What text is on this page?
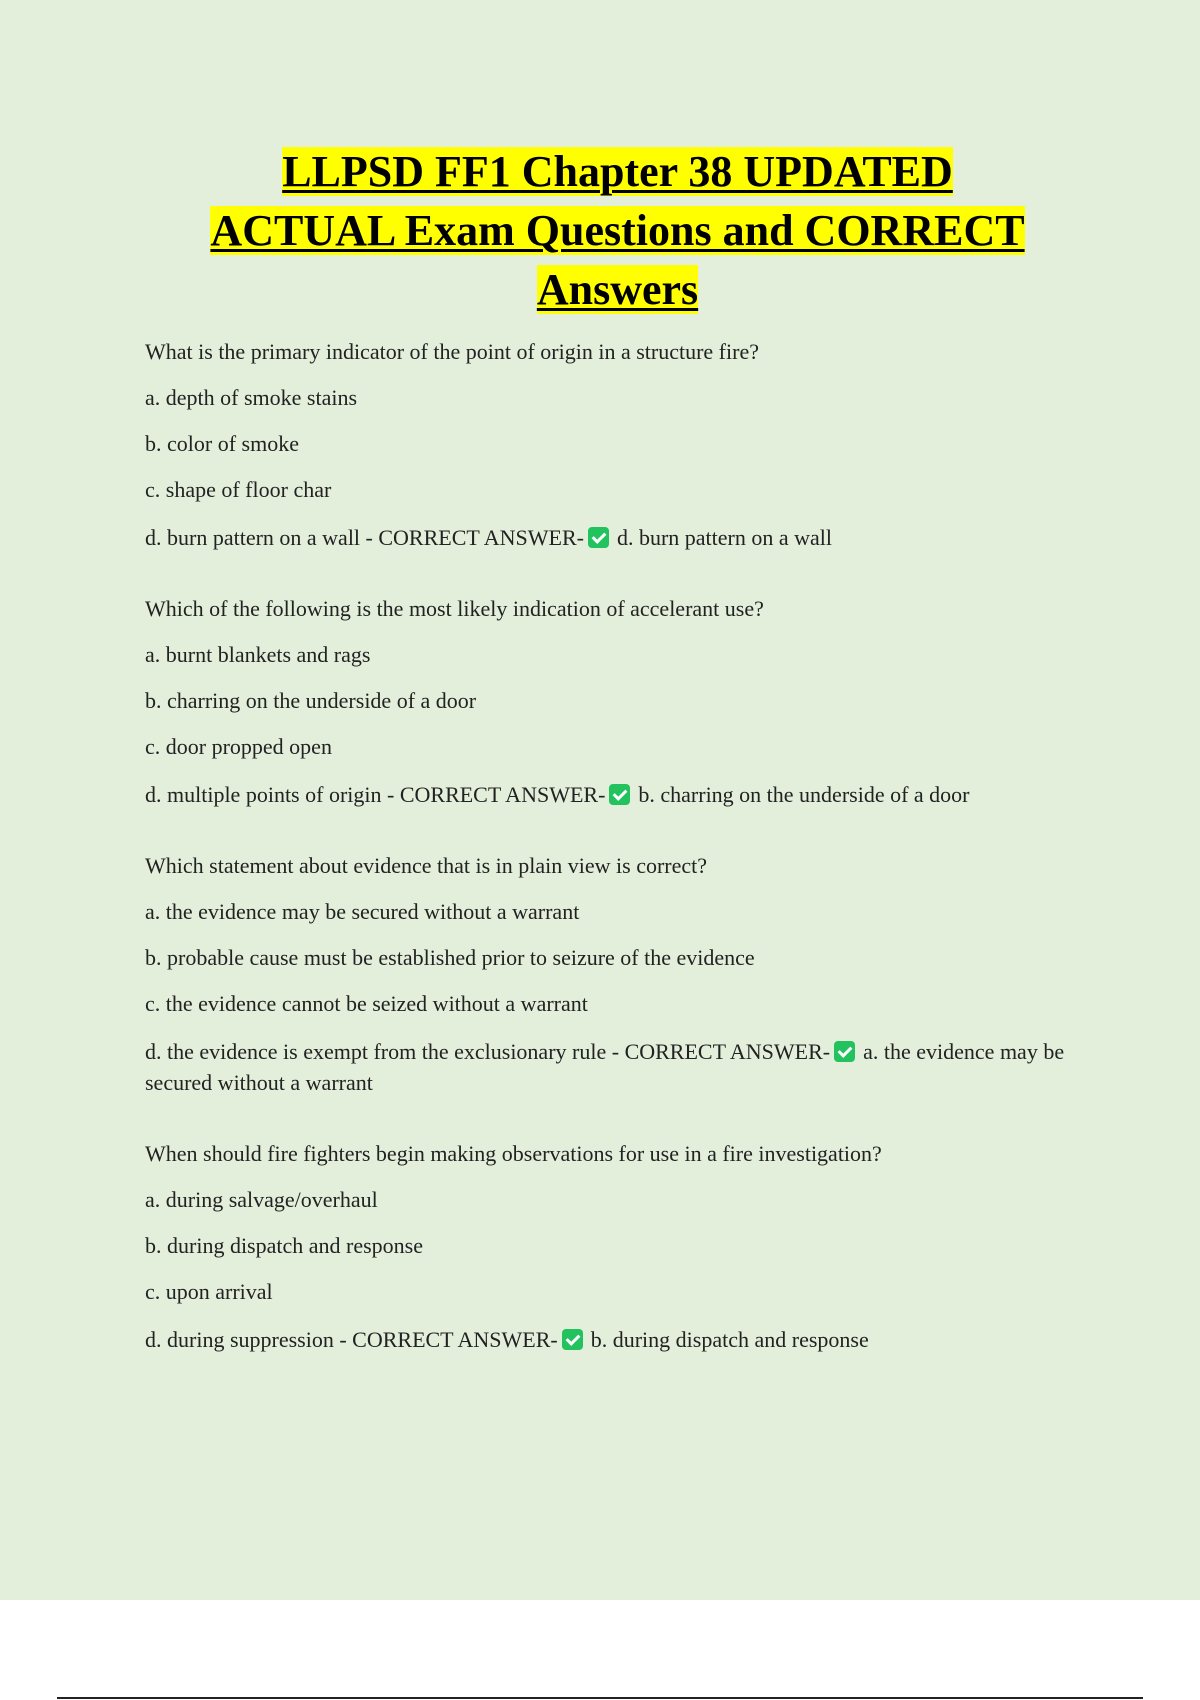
LLPSD FF1 Chapter 38 UPDATED
ACTUAL Exam Questions and CORRECT
Answers

What is the primary indicator of the point of origin in a structure fire?

a. depth of smoke stains

b. color of smoke

c. shape of floor char

d. burn pattern on a wall - CORRECT ANSWER- d. burn pattern on a wall

Which of the following is the most likely indication of accelerant use?

a. burnt blankets and rags

b. charring on the underside of a door

c. door propped open

d. multiple points of origin - CORRECT ANSWER- b. charring on the underside of a door

Which statement about evidence that is in plain view is correct?

a. the evidence may be secured without a warrant

b. probable cause must be established prior to seizure of the evidence

c. the evidence cannot be seized without a warrant

d. the evidence is exempt from the exclusionary rule - CORRECT ANSWER- a. the evidence may be secured without a warrant

When should fire fighters begin making observations for use in a fire investigation?

a. during salvage/overhaul

b. during dispatch and response

c. upon arrival

d. during suppression - CORRECT ANSWER- b. during dispatch and response
